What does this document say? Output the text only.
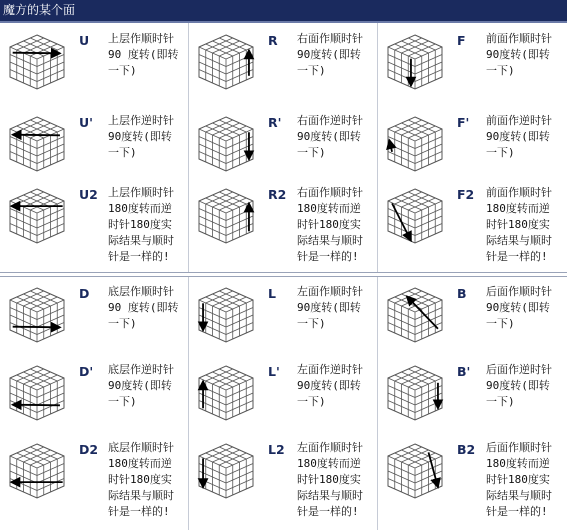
魔方的某个面
U 上层作顺时针
90 度转(即转
一下)
R 右面作顺时针
90度转(即转
一下)
F 前面作顺时针
90度转(即转
一下)
U' 上层作逆时针
90度转(即转
一下)
R' 右面作逆时针
90度转(即转
一下)
F' 前面作逆时针
90度转(即转
一下)
U2 上层作顺时针
180度转而逆
时针180度实
际结果与顺时
针是一样的!
R2 右面作顺时针
180度转而逆
时针180度实
际结果与顺时
针是一样的!
F2 前面作顺时针
180度转而逆
时针180度实
际结果与顺时
针是一样的!
D 底层作顺时针
90 度转(即转
一下)
L 左面作顺时针
90度转(即转
一下)
B 后面作顺时针
90度转(即转
一下)
D' 底层作逆时针
90度转(即转
一下)
L' 左面作逆时针
90度转(即转
一下)
B' 后面作逆时针
90度转(即转
一下)
D2 底层作顺时针
180度转而逆
时针180度实
际结果与顺时
针是一样的!
L2 左面作顺时针
180度转而逆
时针180度实
际结果与顺时
针是一样的!
B2 后面作顺时针
180度转而逆
时针180度实
际结果与顺时
针是一样的!
